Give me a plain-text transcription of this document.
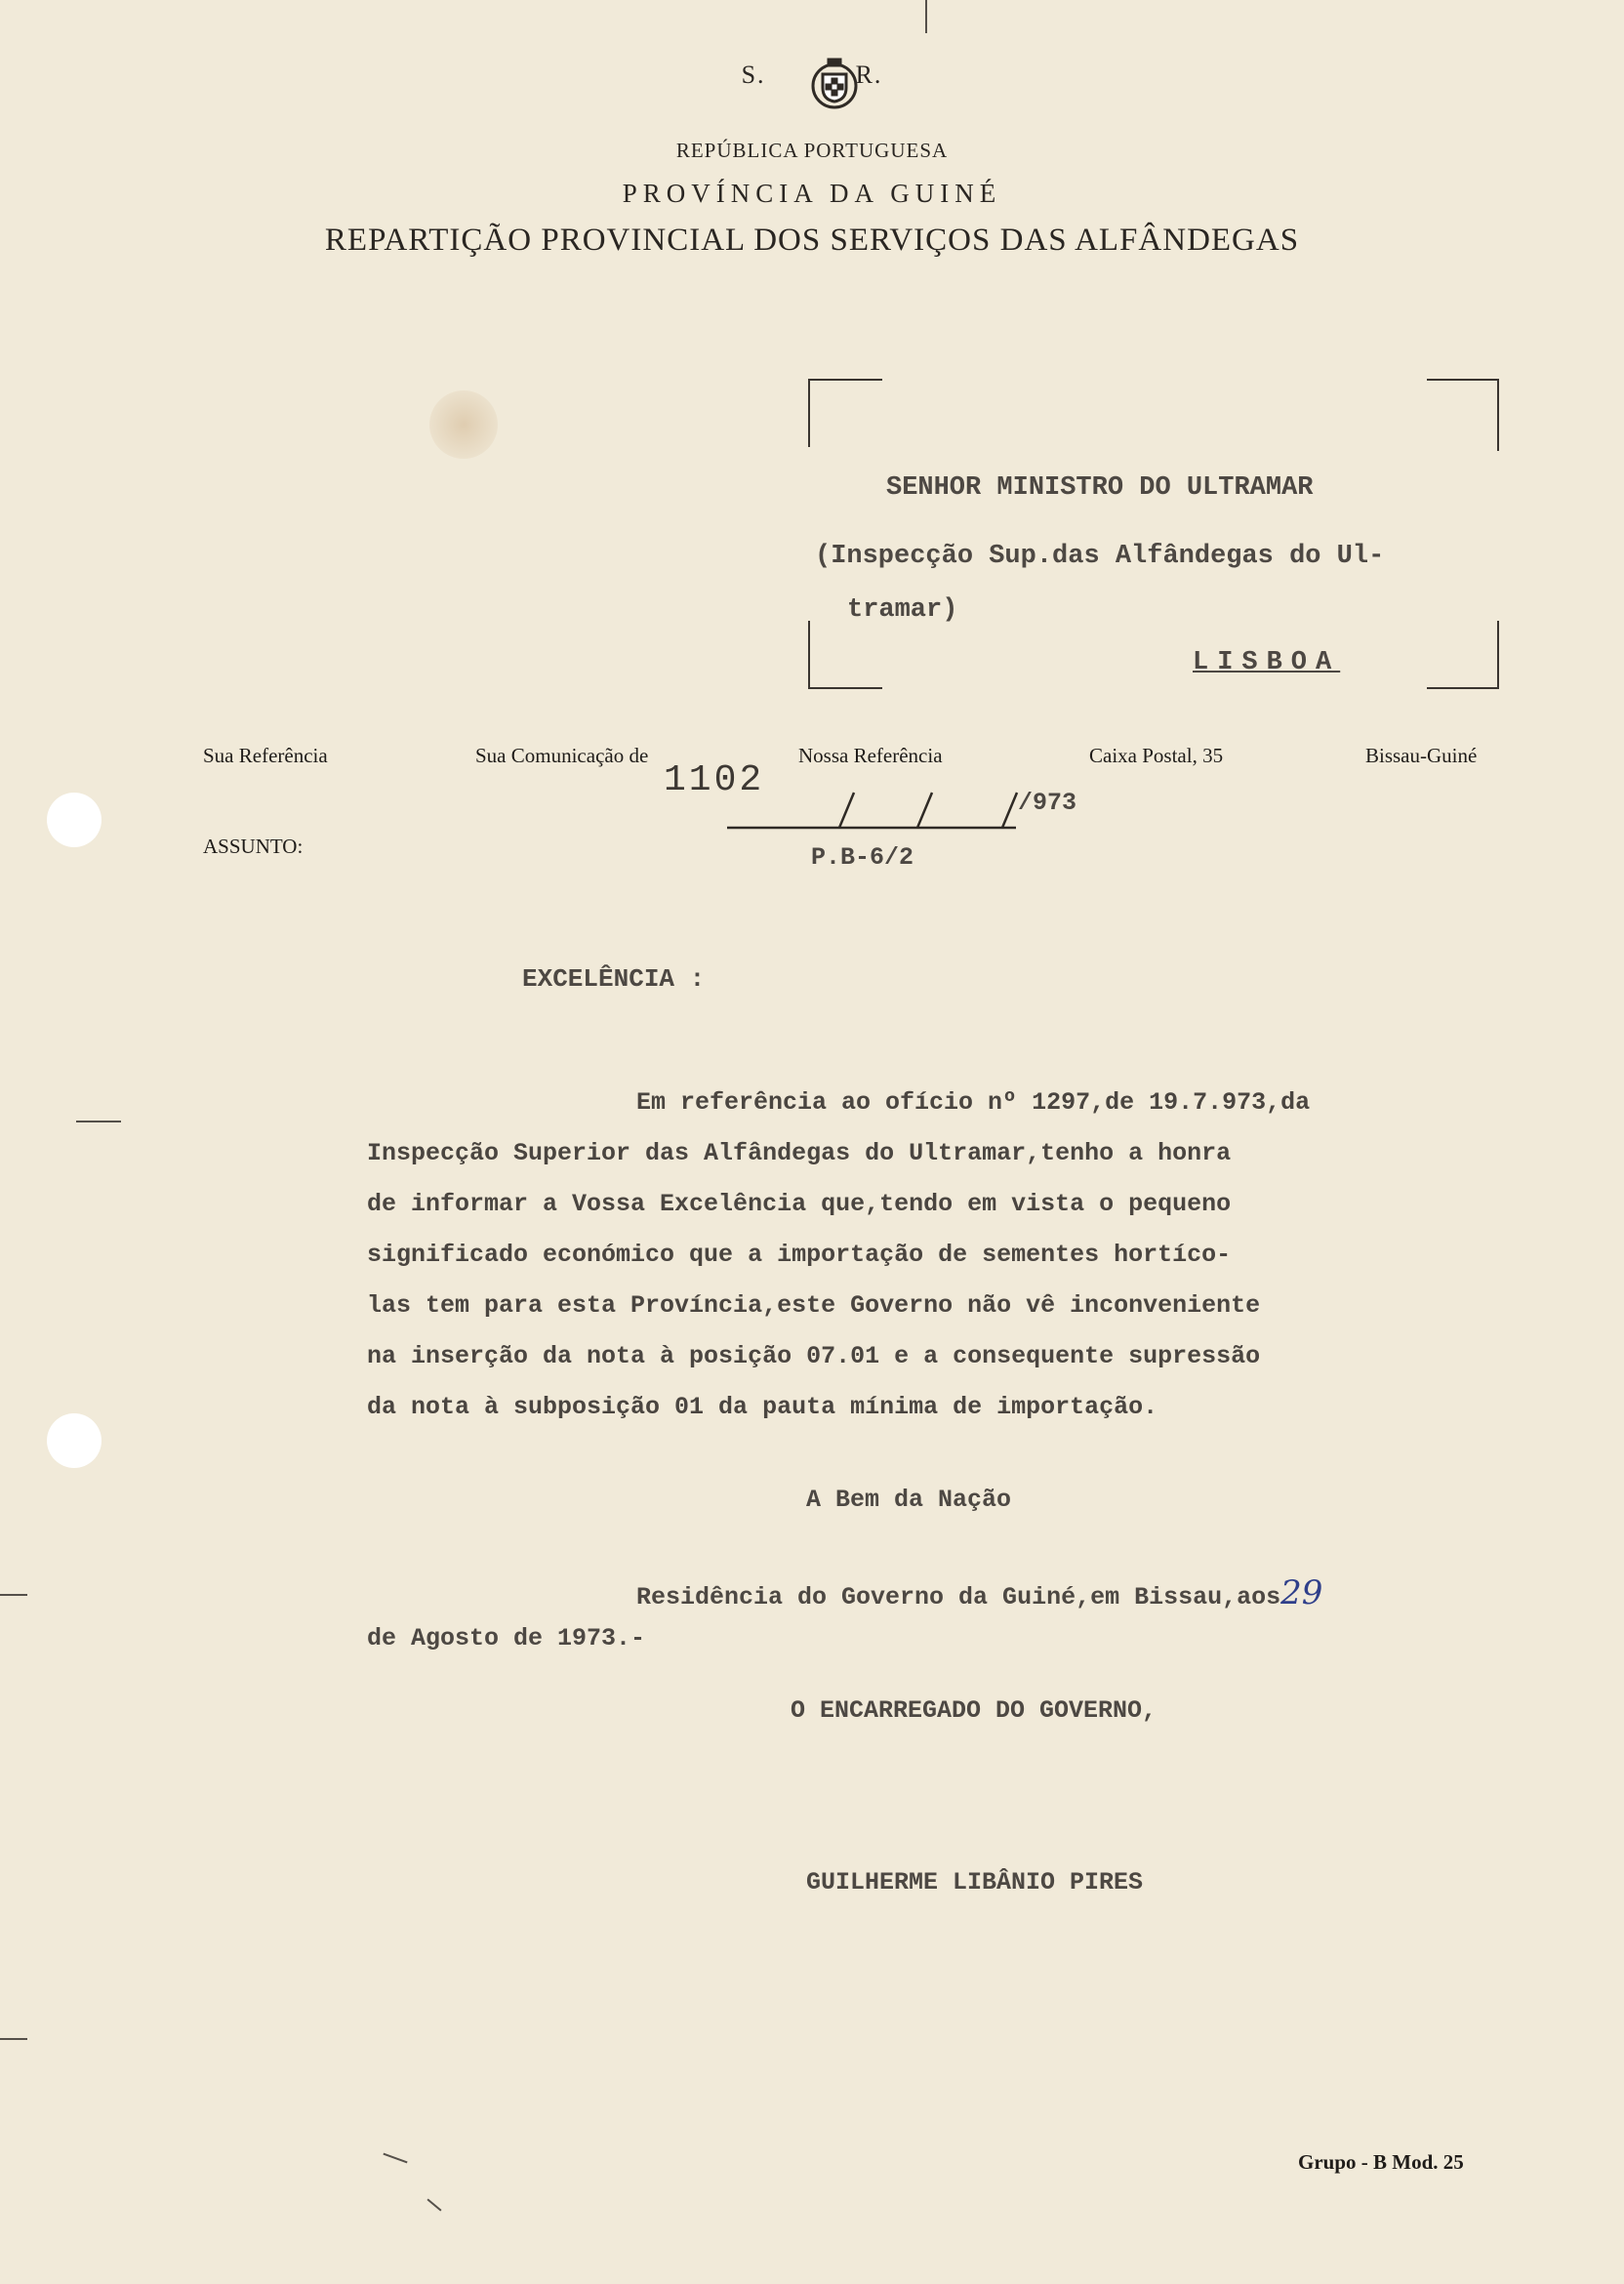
S.	R.
REPÚBLICA PORTUGUESA
PROVÍNCIA DA GUINÉ
REPARTIÇÃO PROVINCIAL DOS SERVIÇOS DAS ALFÂNDEGAS
SENHOR MINISTRO DO ULTRAMAR
(Inspecção Sup.das Alfândegas do Ul-
tramar)
LISBOA
Sua Referência	Sua Comunicação de	Nossa Referência	Caixa Postal, 35	Bissau-Guiné
1102
/973
P.B-6/2
ASSUNTO:
EXCELÊNCIA :

Em referência ao ofício nº 1297,de 19.7.973,da

Inspecção Superior das Alfândegas do Ultramar,tenho a honra

de informar a Vossa Excelência que,tendo em vista o pequeno

significado económico que a importação de sementes hortíco-

las tem para esta Província,este Governo não vê inconveniente

na inserção da nota à posição 07.01 e a consequente supressão

da nota à subposição 01 da pauta mínima de importação.

A Bem da Nação
Residência do Governo da Guiné,em Bissau,aos29
de Agosto de 1973.-
O ENCARREGADO DO GOVERNO,
GUILHERME LIBÂNIO PIRES
Grupo - B Mod. 25
